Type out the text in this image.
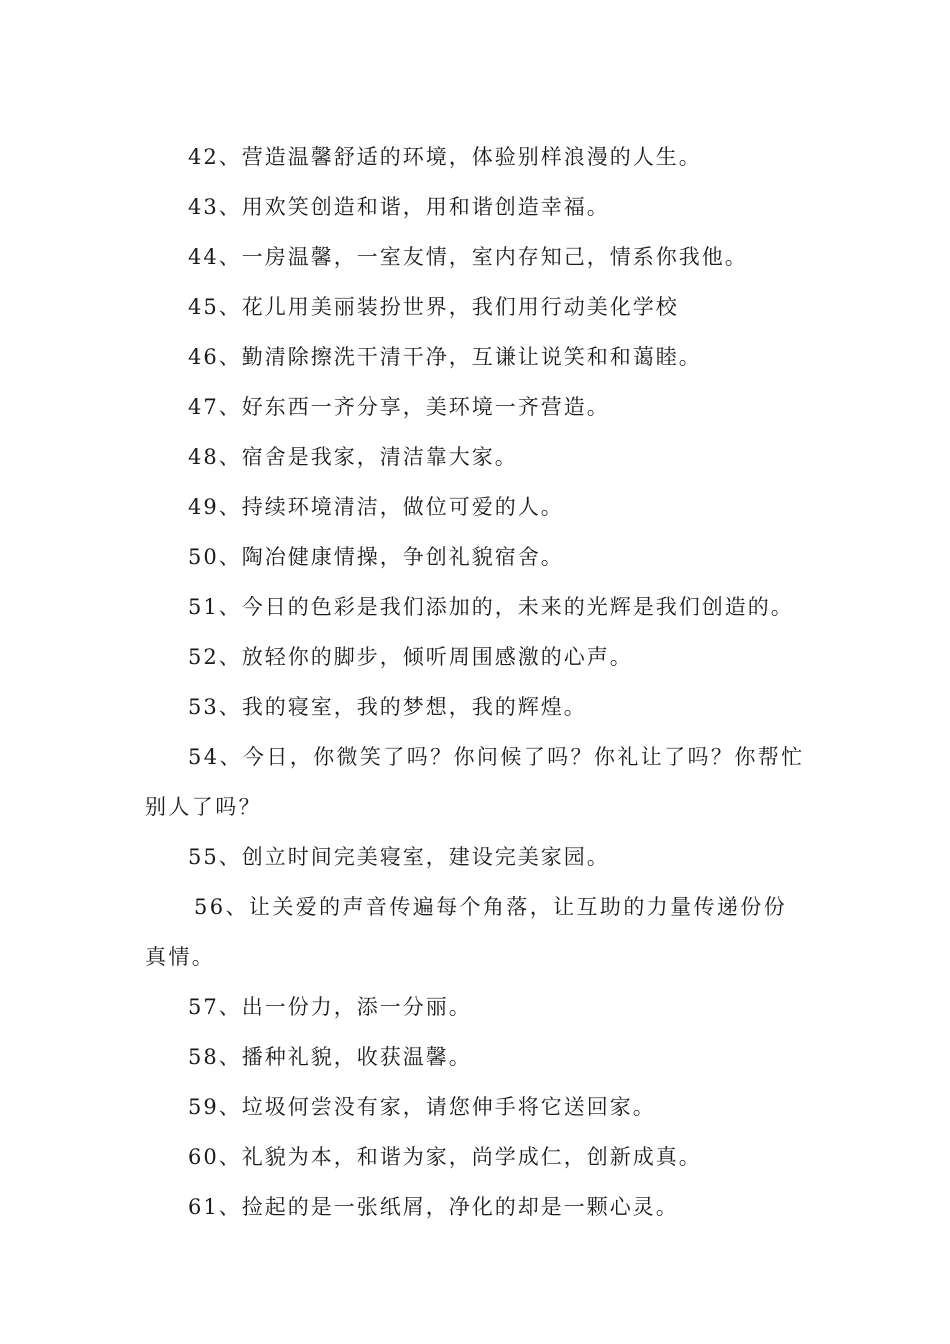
42、营造温馨舒适的环境，体验别样浪漫的人生。
43、用欢笑创造和谐，用和谐创造幸福。
44、一房温馨，一室友情，室内存知己，情系你我他。
45、花儿用美丽装扮世界，我们用行动美化学校
46、勤清除擦洗干清干净，互谦让说笑和和蔼睦。
47、好东西一齐分享，美环境一齐营造。
48、宿舍是我家，清洁靠大家。
49、持续环境清洁，做位可爱的人。
50、陶冶健康情操，争创礼貌宿舍。
51、今日的色彩是我们添加的，未来的光辉是我们创造的。
52、放轻你的脚步，倾听周围感激的心声。
53、我的寝室，我的梦想，我的辉煌。
54、今日，你微笑了吗？你问候了吗？你礼让了吗？你帮忙别人了吗？
55、创立时间完美寝室，建设完美家园。
56、让关爱的声音传遍每个角落，让互助的力量传递份份真情。
57、出一份力，添一分丽。
58、播种礼貌，收获温馨。
59、垃圾何尝没有家，请您伸手将它送回家。
60、礼貌为本，和谐为家，尚学成仁，创新成真。
61、捡起的是一张纸屑，净化的却是一颗心灵。
